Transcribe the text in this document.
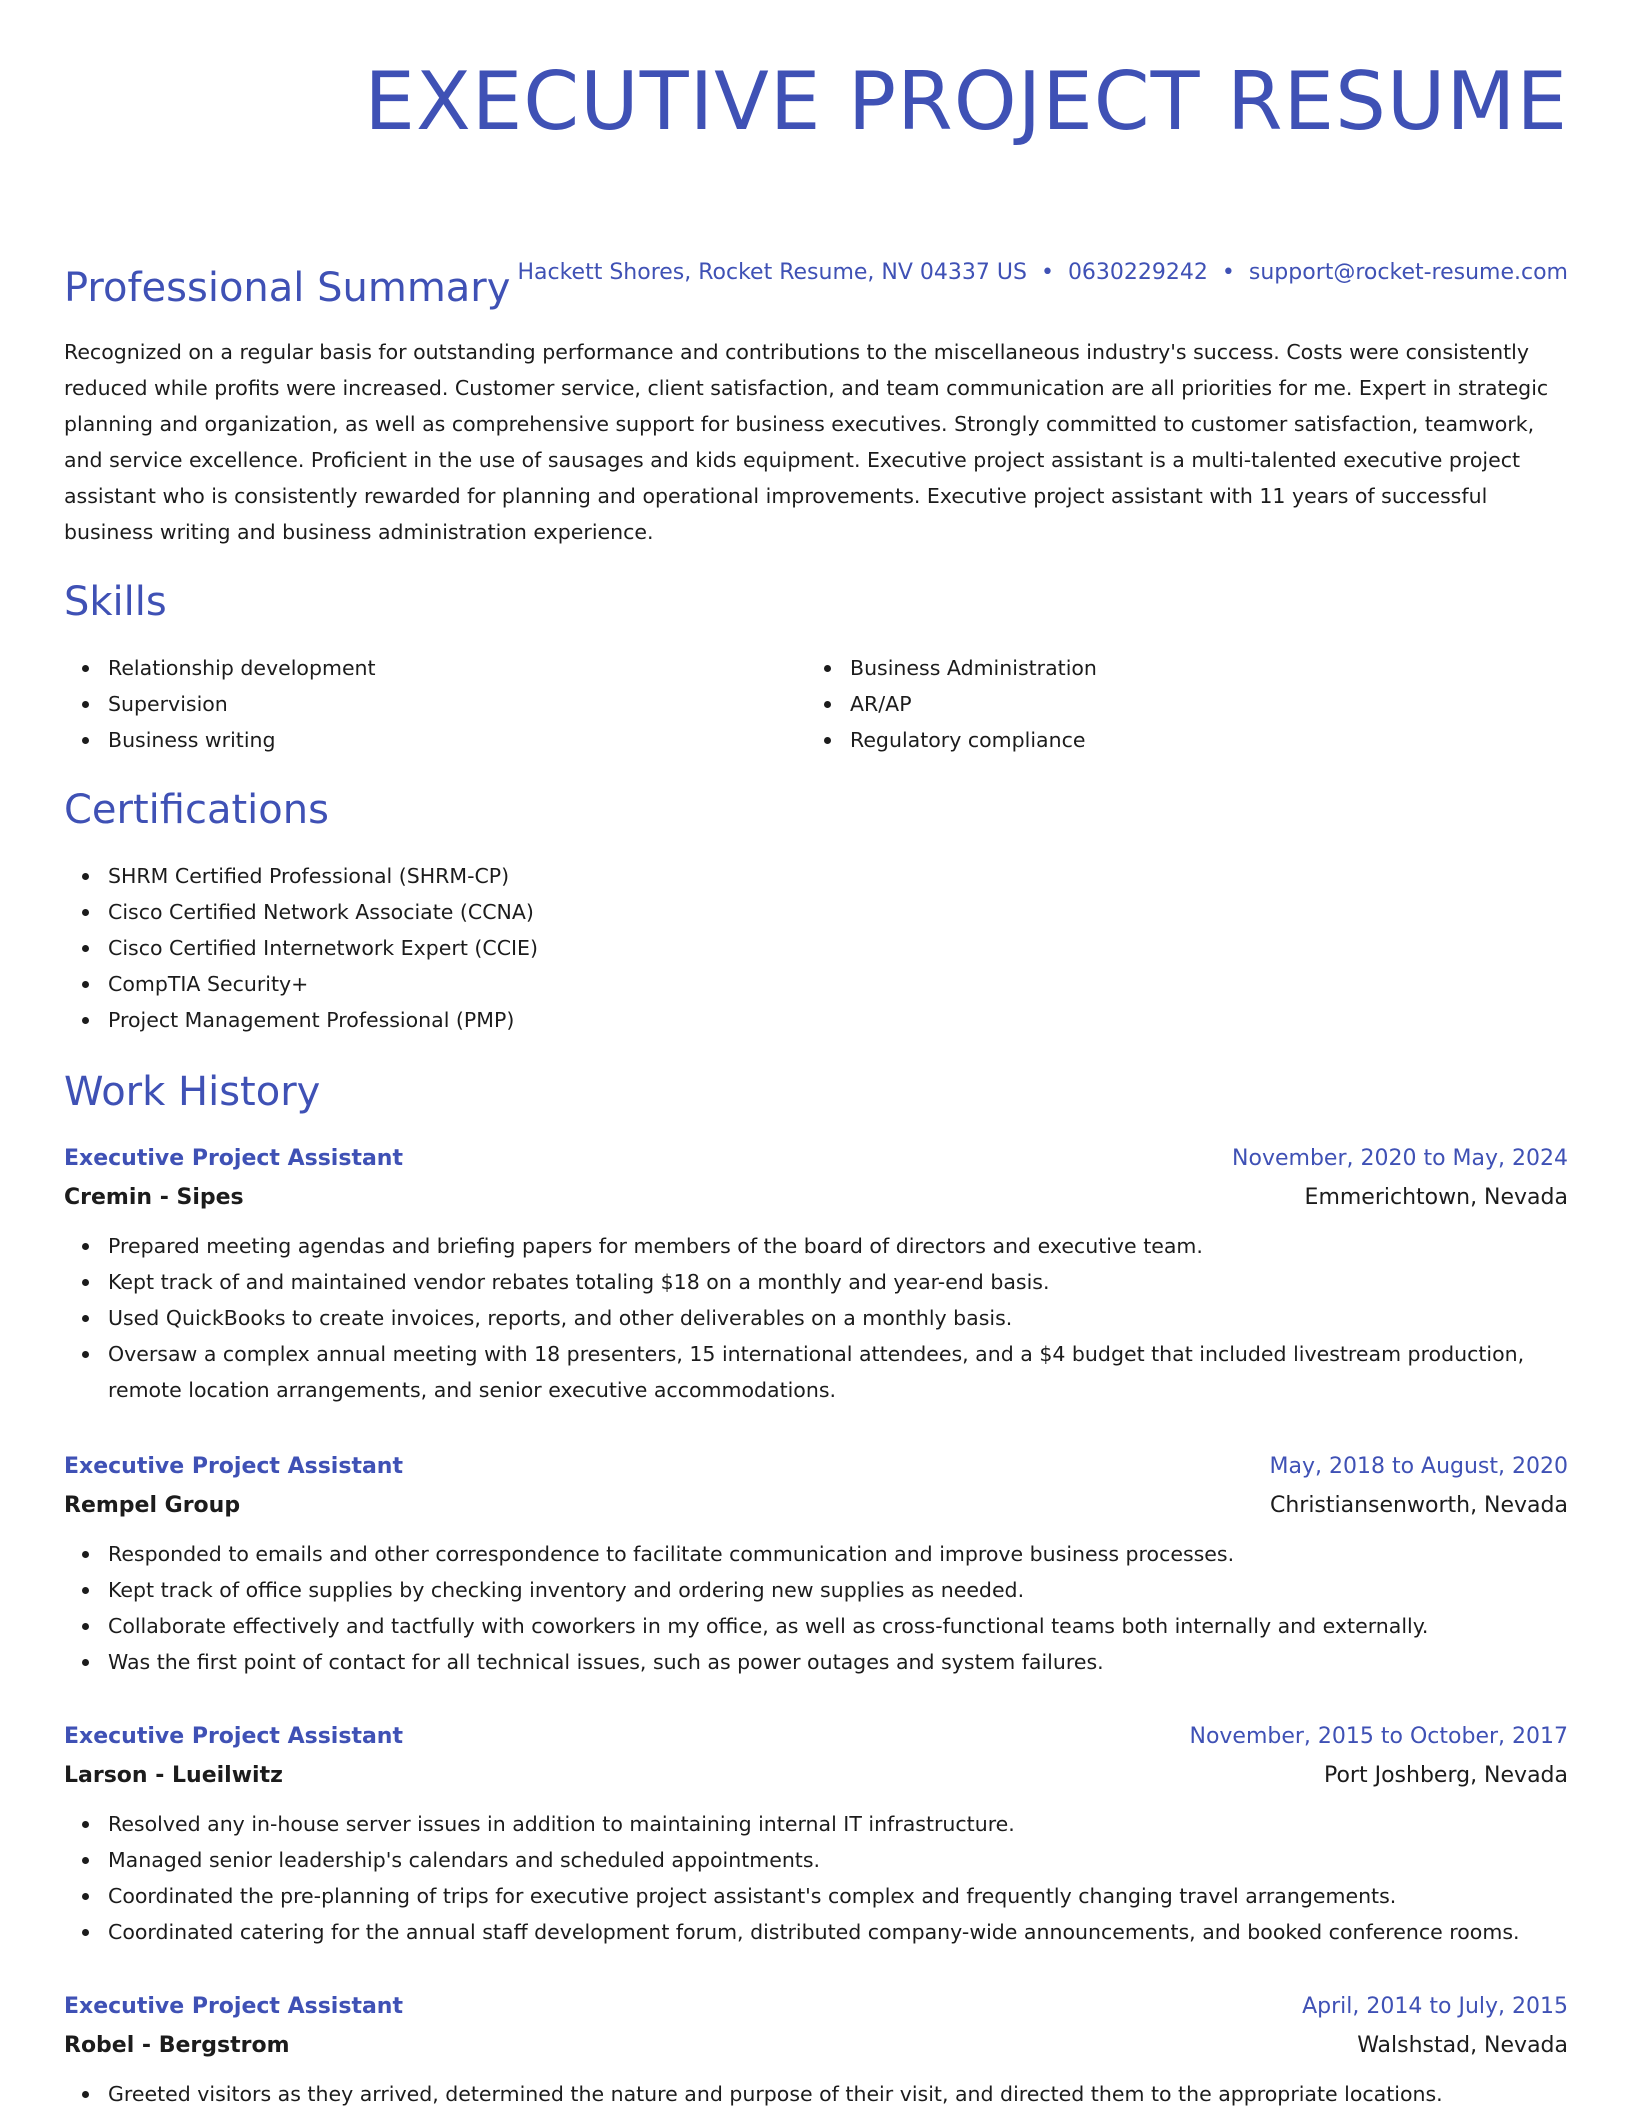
EXECUTIVE PROJECT RESUME
Hackett Shores, Rocket Resume, NV 04337 US • 0630229242 • support@rocket-resume.com
Professional Summary

Recognized on a regular basis for outstanding performance and contributions to the miscellaneous industry's success. Costs were consistently reduced while profits were increased. Customer service, client satisfaction, and team communication are all priorities for me. Expert in strategic planning and organization, as well as comprehensive support for business executives. Strongly committed to customer satisfaction, teamwork, and service excellence. Proficient in the use of sausages and kids equipment. Executive project assistant is a multi-talented executive project assistant who is consistently rewarded for planning and operational improvements. Executive project assistant with 11 years of successful business writing and business administration experience.

Skills
Relationship development
Supervision
Business writing
Business Administration
AR/AP
Regulatory compliance
Certifications
SHRM Certified Professional (SHRM-CP)
Cisco Certified Network Associate (CCNA)
Cisco Certified Internetwork Expert (CCIE)
CompTIA Security+
Project Management Professional (PMP)
Work History
Executive Project Assistant	November, 2020 to May, 2024
Cremin - Sipes	Emmerichtown, Nevada
Prepared meeting agendas and briefing papers for members of the board of directors and executive team.
Kept track of and maintained vendor rebates totaling $18 on a monthly and year-end basis.
Used QuickBooks to create invoices, reports, and other deliverables on a monthly basis.
Oversaw a complex annual meeting with 18 presenters, 15 international attendees, and a $4 budget that included livestream production, remote location arrangements, and senior executive accommodations.
Executive Project Assistant	May, 2018 to August, 2020
Rempel Group	Christiansenworth, Nevada
Responded to emails and other correspondence to facilitate communication and improve business processes.
Kept track of office supplies by checking inventory and ordering new supplies as needed.
Collaborate effectively and tactfully with coworkers in my office, as well as cross-functional teams both internally and externally.
Was the first point of contact for all technical issues, such as power outages and system failures.
Executive Project Assistant	November, 2015 to October, 2017
Larson - Lueilwitz	Port Joshberg, Nevada
Resolved any in-house server issues in addition to maintaining internal IT infrastructure.
Managed senior leadership's calendars and scheduled appointments.
Coordinated the pre-planning of trips for executive project assistant's complex and frequently changing travel arrangements.
Coordinated catering for the annual staff development forum, distributed company-wide announcements, and booked conference rooms.
Executive Project Assistant	April, 2014 to July, 2015
Robel - Bergstrom	Walshstad, Nevada
Greeted visitors as they arrived, determined the nature and purpose of their visit, and directed them to the appropriate locations.
